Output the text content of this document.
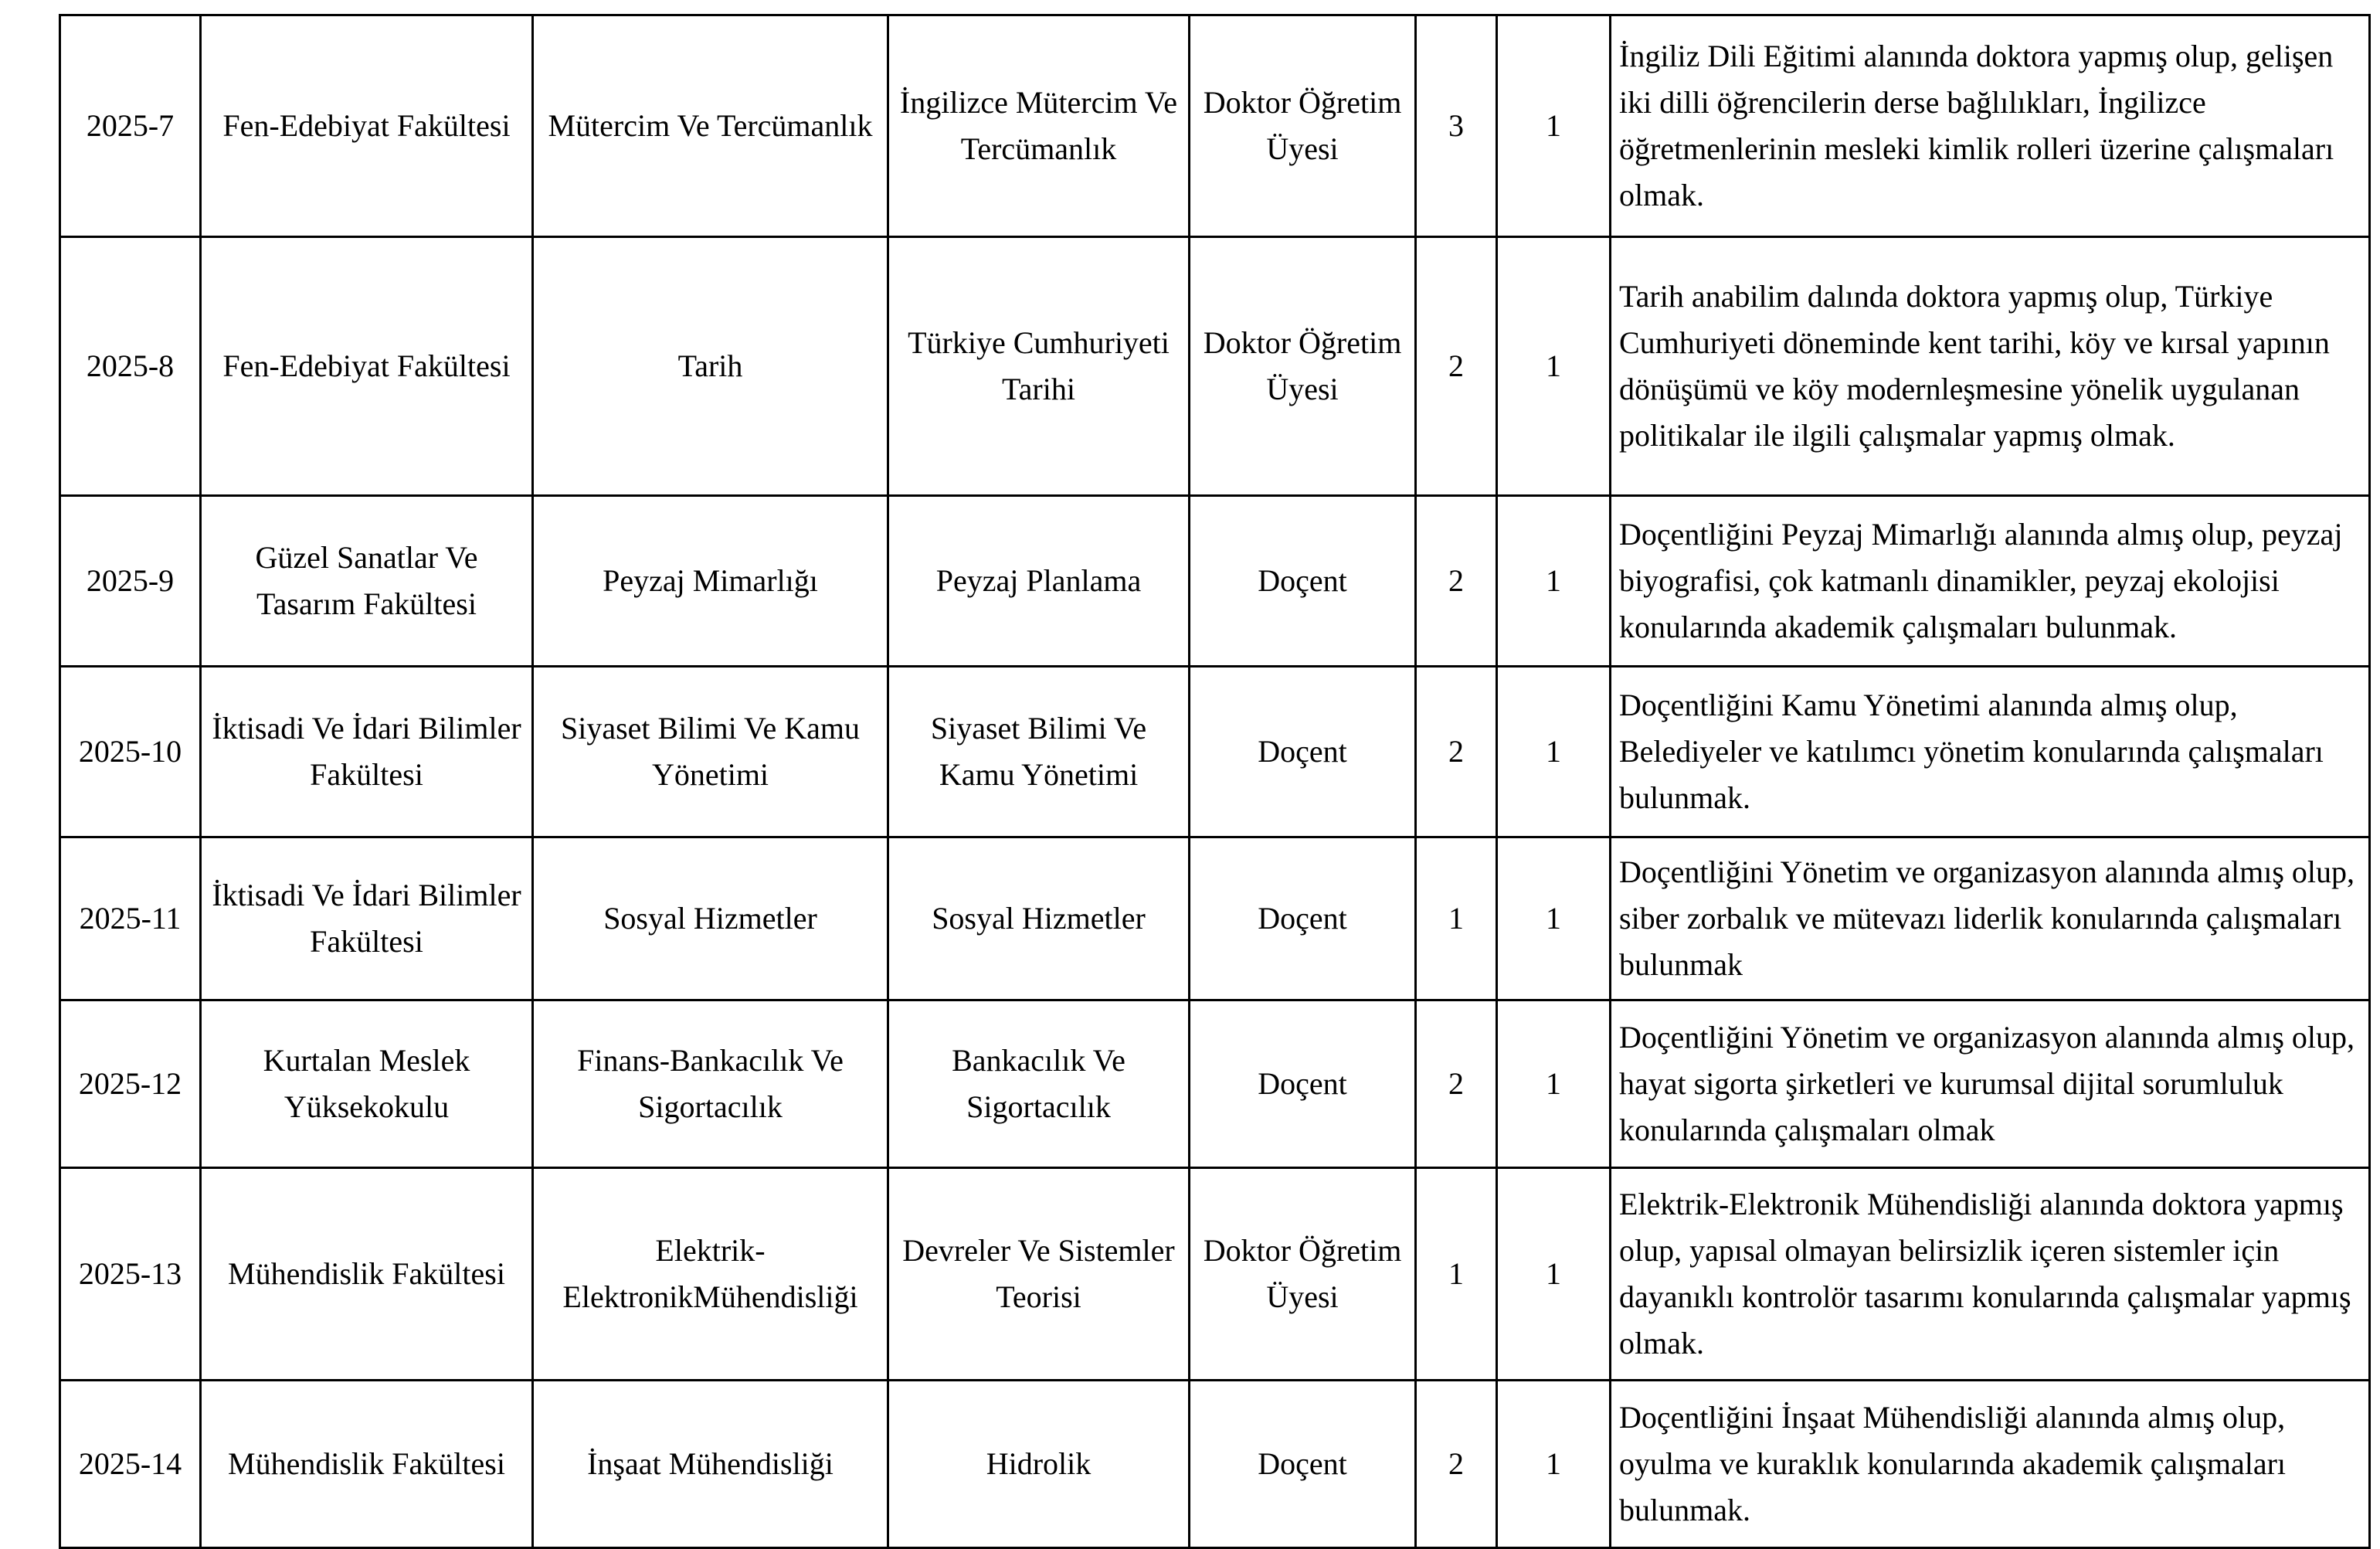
2025-7	Fen-Edebiyat Fakültesi	Mütercim Ve Tercümanlık	İngilizce Mütercim Ve Tercümanlık	Doktor Öğretim Üyesi	3	1	İngiliz Dili Eğitimi alanında doktora yapmış olup, gelişen iki dilli öğrencilerin derse bağlılıkları, İngilizce öğretmenlerinin mesleki kimlik rolleri üzerine çalışmaları olmak.
2025-8	Fen-Edebiyat Fakültesi	Tarih	Türkiye Cumhuriyeti Tarihi	Doktor Öğretim Üyesi	2	1	Tarih anabilim dalında doktora yapmış olup, Türkiye Cumhuriyeti döneminde kent tarihi, köy ve kırsal yapının dönüşümü ve köy modernleşmesine yönelik uygulanan politikalar ile ilgili çalışmalar yapmış olmak.
2025-9	Güzel Sanatlar Ve Tasarım Fakültesi	Peyzaj Mimarlığı	Peyzaj Planlama	Doçent	2	1	Doçentliğini Peyzaj Mimarlığı alanında almış olup, peyzaj biyografisi, çok katmanlı dinamikler, peyzaj ekolojisi konularında akademik çalışmaları bulunmak.
2025-10	İktisadi Ve İdari Bilimler Fakültesi	Siyaset Bilimi Ve Kamu Yönetimi	Siyaset Bilimi Ve Kamu Yönetimi	Doçent	2	1	Doçentliğini Kamu Yönetimi alanında almış olup, Belediyeler ve katılımcı yönetim konularında çalışmaları bulunmak.
2025-11	İktisadi Ve İdari Bilimler Fakültesi	Sosyal Hizmetler	Sosyal Hizmetler	Doçent	1	1	Doçentliğini Yönetim ve organizasyon alanında almış olup, siber zorbalık ve mütevazı liderlik konularında çalışmaları bulunmak
2025-12	Kurtalan Meslek Yüksekokulu	Finans-Bankacılık Ve Sigortacılık	Bankacılık Ve Sigortacılık	Doçent	2	1	Doçentliğini Yönetim ve organizasyon alanında almış olup, hayat sigorta şirketleri ve kurumsal dijital sorumluluk konularında çalışmaları olmak
2025-13	Mühendislik Fakültesi	Elektrik-ElektronikMühendisliği	Devreler Ve Sistemler Teorisi	Doktor Öğretim Üyesi	1	1	Elektrik-Elektronik Mühendisliği alanında doktora yapmış olup, yapısal olmayan belirsizlik içeren sistemler için dayanıklı kontrolör tasarımı konularında çalışmalar yapmış olmak.
2025-14	Mühendislik Fakültesi	İnşaat Mühendisliği	Hidrolik	Doçent	2	1	Doçentliğini İnşaat Mühendisliği alanında almış olup, oyulma ve kuraklık konularında akademik çalışmaları bulunmak.
